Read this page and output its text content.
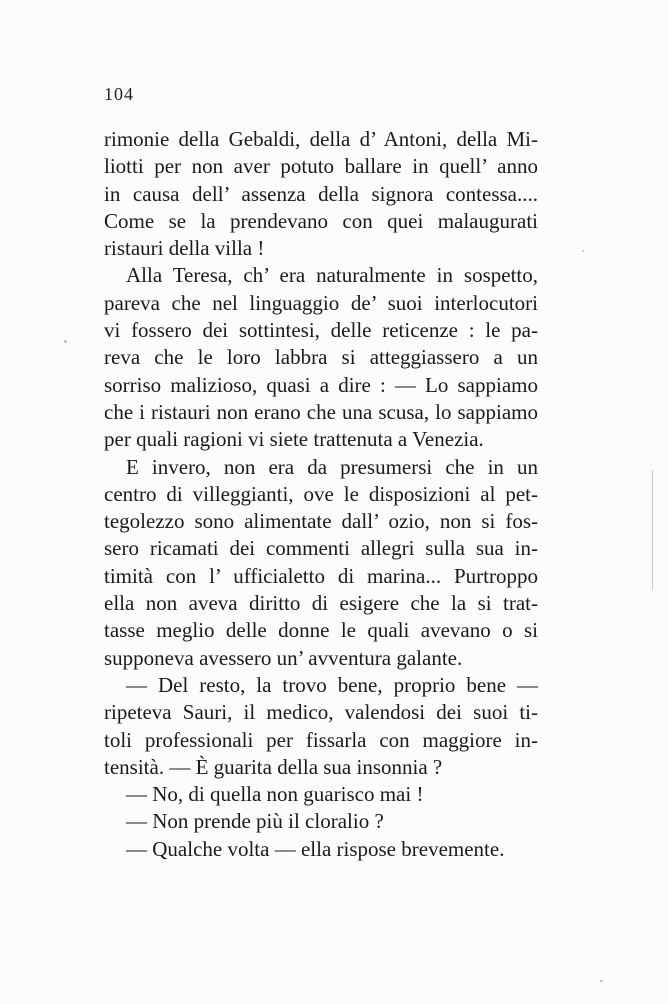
104
rimonie della Gebaldi, della d’ Antoni, della Mi-
liotti per non aver potuto ballare in quell’ anno
in causa dell’ assenza della signora contessa....
Come se la prendevano con quei malaugurati
ristauri della villa !
Alla Teresa, ch’ era naturalmente in sospetto,
pareva che nel linguaggio de’ suoi interlocutori
vi fossero dei sottintesi, delle reticenze : le pa-
reva che le loro labbra si atteggiassero a un
sorriso malizioso, quasi a dire : — Lo sappiamo
che i ristauri non erano che una scusa, lo sappiamo
per quali ragioni vi siete trattenuta a Venezia.
E invero, non era da presumersi che in un
centro di villeggianti, ove le disposizioni al pet-
tegolezzo sono alimentate dall’ ozio, non si fos-
sero ricamati dei commenti allegri sulla sua in-
timità con l’ ufficialetto di marina... Purtroppo
ella non aveva diritto di esigere che la si trat-
tasse meglio delle donne le quali avevano o si
supponeva avessero un’ avventura galante.
— Del resto, la trovo bene, proprio bene —
ripeteva Sauri, il medico, valendosi dei suoi ti-
toli professionali per fissarla con maggiore in-
tensità. — È guarita della sua insonnia ?
— No, di quella non guarisco mai !
— Non prende più il cloralio ?
— Qualche volta — ella rispose brevemente.
